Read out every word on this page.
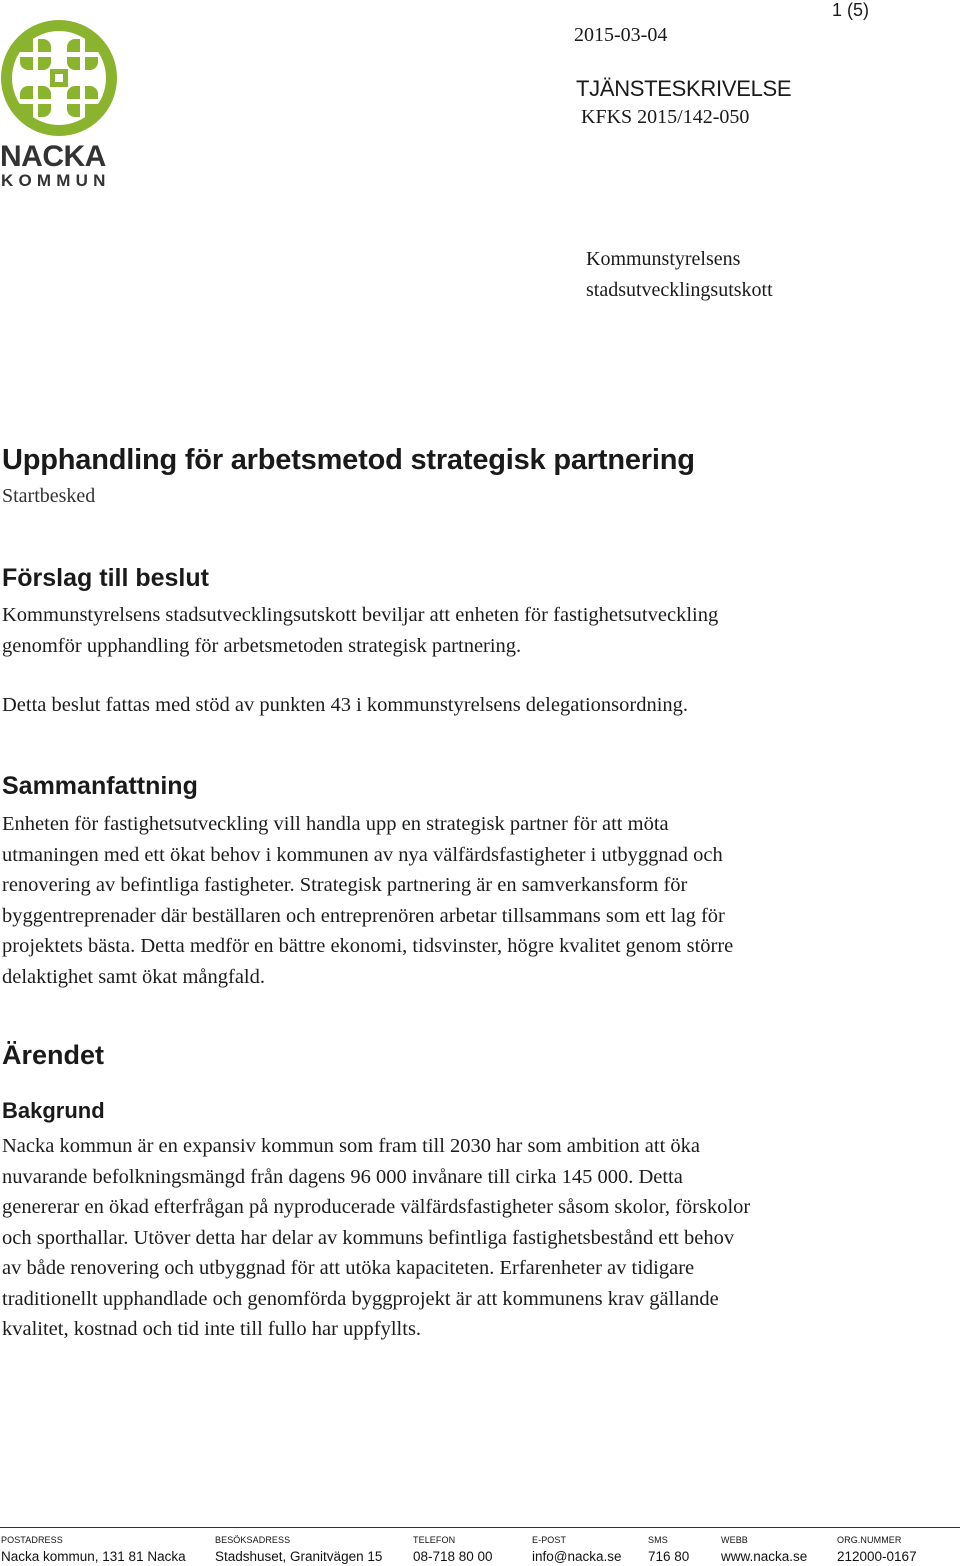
NACKA
KOMMUN
1 (5)
2015-03-04
TJÄNSTESKRIVELSE
KFKS 2015/142-050
Kommunstyrelsens
stadsutvecklingsutskott
Upphandling för arbetsmetod strategisk partnering
Startbesked
Förslag till beslut
Kommunstyrelsens stadsutvecklingsutskott beviljar att enheten för fastighetsutveckling
genomför upphandling för arbetsmetoden strategisk partnering.
Detta beslut fattas med stöd av punkten 43 i kommunstyrelsens delegationsordning.
Sammanfattning
Enheten för fastighetsutveckling vill handla upp en strategisk partner för att möta
utmaningen med ett ökat behov i kommunen av nya välfärdsfastigheter i utbyggnad och
renovering av befintliga fastigheter. Strategisk partnering är en samverkansform för
byggentreprenader där beställaren och entreprenören arbetar tillsammans som ett lag för
projektets bästa. Detta medför en bättre ekonomi, tidsvinster, högre kvalitet genom större
delaktighet samt ökat mångfald.
Ärendet
Bakgrund
Nacka kommun är en expansiv kommun som fram till 2030 har som ambition att öka
nuvarande befolkningsmängd från dagens 96 000 invånare till cirka 145 000. Detta
genererar en ökad efterfrågan på nyproducerade välfärdsfastigheter såsom skolor, förskolor
och sporthallar. Utöver detta har delar av kommuns befintliga fastighetsbestånd ett behov
av både renovering och utbyggnad för att utöka kapaciteten. Erfarenheter av tidigare
traditionellt upphandlade och genomförda byggprojekt är att kommunens krav gällande
kvalitet, kostnad och tid inte till fullo har uppfyllts.
POSTADRESS
Nacka kommun, 131 81 Nacka
BESÖKSADRESS
Stadshuset, Granitvägen 15
TELEFON
08-718 80 00
E-POST
info@nacka.se
SMS
716 80
WEBB
www.nacka.se
ORG.NUMMER
212000-0167
